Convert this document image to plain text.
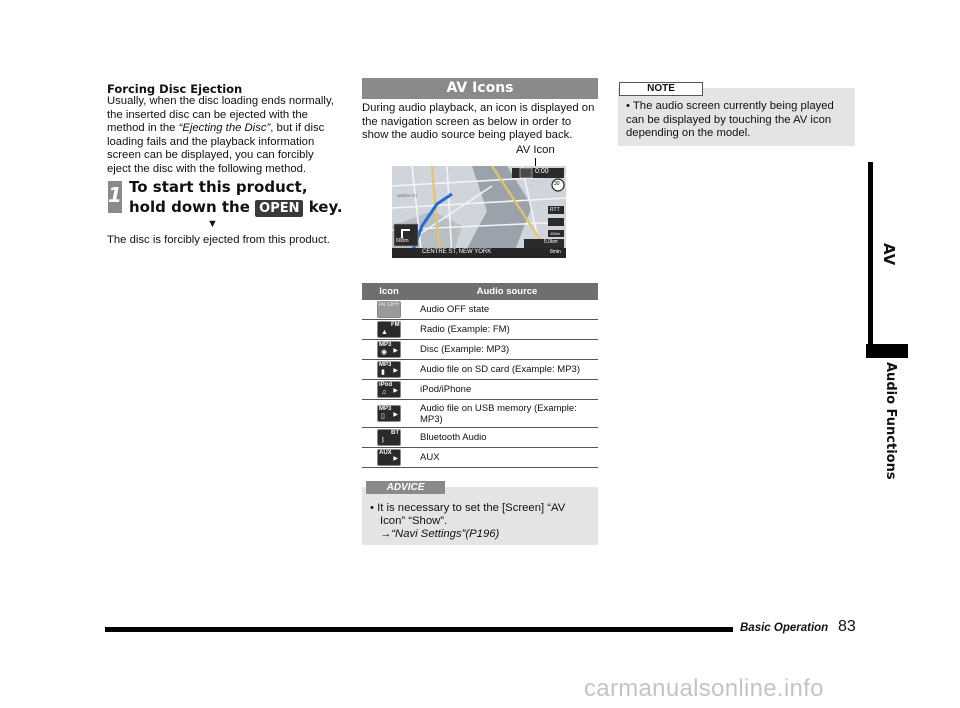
Forcing Disc Ejection
Usually, when the disc loading ends normally, the inserted disc can be ejected with the method in the “Ejecting the Disc”, but if disc loading fails and the playback information screen can be displayed, you can forcibly eject the disc with the following method.
1 To start this product,
hold down the OPEN key.
▼
The disc is forcibly ejected from this product.
AV Icons
During audio playback, an icon is displayed on the navigation screen as below in order to show the audio source being played back.
AV Icon
600m
CENTRE ST, NEW YORK
NORTH ST
0:00
30
RTT
100m
5.0km
8min
Icon	Audio source
AV OFF	Audio OFF state

FM
▲	Radio (Example: FM)

MP3
◉ ▶	Disc (Example: MP3)

MP3
▮ ▶	Audio file on SD card (Example: MP3)

iPod
♫ ▶	iPod/iPhone

MP3
▯ ▶	Audio file on USB memory (Example: MP3)

BT
ᛒ	Bluetooth Audio

AUX
▶	AUX
ADVICE
• It is necessary to set the [Screen] “AV
Icon” “Show”.
→“Navi Settings”(P196)
NOTE
• The audio screen currently being played can be displayed by touching the AV icon depending on the model.
AV
Audio Functions
Basic Operation 83
carmanualsonline.info
